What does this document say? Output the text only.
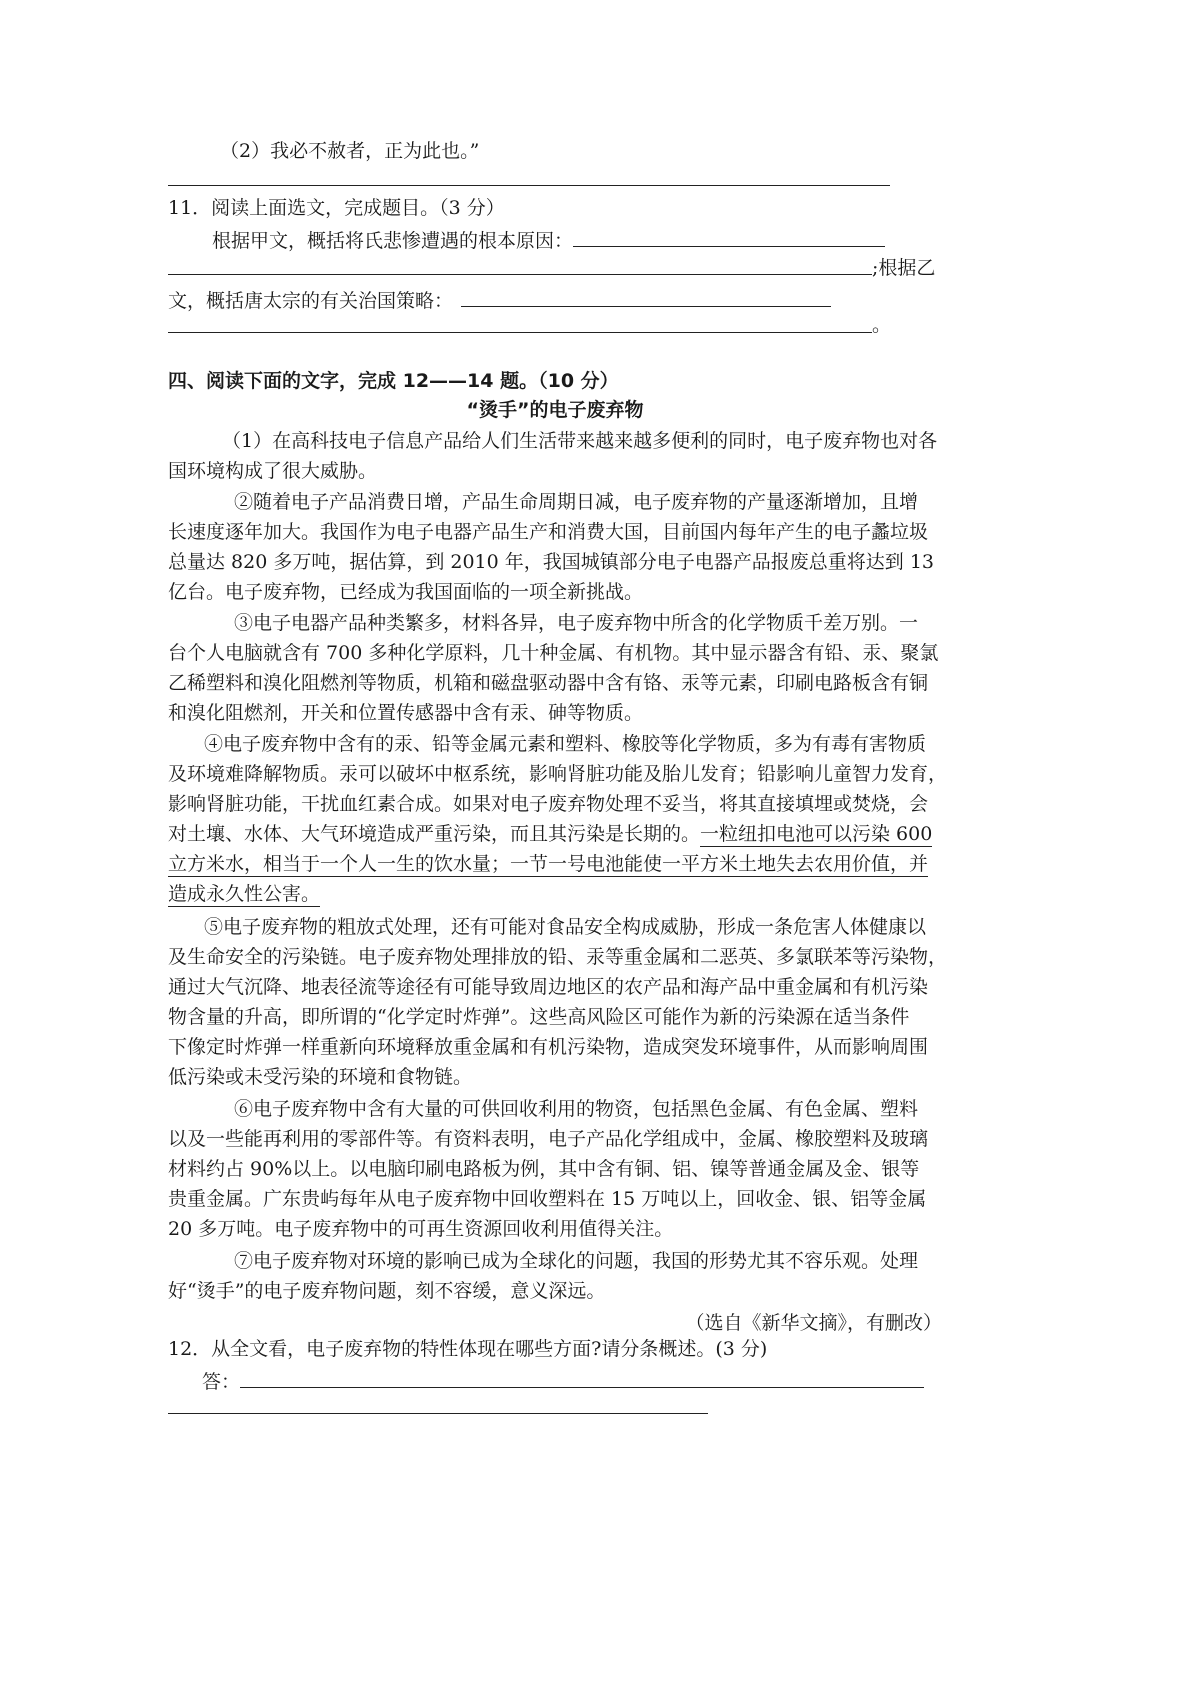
（2）我必不赦者，正为此也。”
11．阅读上面选文，完成题目。（3 分）
根据甲文，概括将氏悲惨遭遇的根本原因：
;根据乙
文，概括唐太宗的有关治国策略：
。
四、阅读下面的文字，完成 12——14 题。（10 分）
“烫手”的电子废弃物
（1）在高科技电子信息产品给人们生活带来越来越多便利的同时，电子废弃物也对各
国环境构成了很大威胁。
②随着电子产品消费日增，产品生命周期日减，电子废弃物的产量逐渐增加，且增
长速度逐年加大。我国作为电子电器产品生产和消费大国，目前国内每年产生的电子蠡垃圾
总量达 820 多万吨，据估算，到 2010 年，我国城镇部分电子电器产品报废总重将达到 13
亿台。电子废弃物，已经成为我国面临的一项全新挑战。
③电子电器产品种类繁多，材料各异，电子废弃物中所含的化学物质千差万别。一
台个人电脑就含有 700 多种化学原料，几十种金属、有机物。其中显示器含有铅、汞、聚氯
乙稀塑料和溴化阻燃剂等物质，机箱和磁盘驱动器中含有铬、汞等元素，印刷电路板含有铜
和溴化阻燃剂，开关和位置传感器中含有汞、砷等物质。
④电子废弃物中含有的汞、铅等金属元素和塑料、橡胶等化学物质，多为有毒有害物质
及环境难降解物质。汞可以破坏中枢系统，影响肾脏功能及胎儿发育；铅影响儿童智力发育，
影响肾脏功能，干扰血红素合成。如果对电子废弃物处理不妥当，将其直接填埋或焚烧，会
对土壤、水体、大气环境造成严重污染，而且其污染是长期的。一粒纽扣电池可以污染 600
立方米水，相当于一个人一生的饮水量；一节一号电池能使一平方米土地失去农用价值，并
造成永久性公害。
⑤电子废弃物的粗放式处理，还有可能对食品安全构成威胁，形成一条危害人体健康以
及生命安全的污染链。电子废弃物处理排放的铅、汞等重金属和二恶英、多氯联苯等污染物，
通过大气沉降、地表径流等途径有可能导致周边地区的农产品和海产品中重金属和有机污染
物含量的升高，即所谓的“化学定时炸弹”。这些高风险区可能作为新的污染源在适当条件
下像定时炸弹一样重新向环境释放重金属和有机污染物，造成突发环境事件，从而影响周围
低污染或未受污染的环境和食物链。
⑥电子废弃物中含有大量的可供回收利用的物资，包括黑色金属、有色金属、塑料
以及一些能再利用的零部件等。有资料表明，电子产品化学组成中，金属、橡胶塑料及玻璃
材料约占 90%以上。以电脑印刷电路板为例，其中含有铜、铝、镍等普通金属及金、银等
贵重金属。广东贵屿每年从电子废弃物中回收塑料在 15 万吨以上，回收金、银、铝等金属
20 多万吨。电子废弃物中的可再生资源回收利用值得关注。
⑦电子废弃物对环境的影响已成为全球化的问题，我国的形势尤其不容乐观。处理
好“烫手”的电子废弃物问题，刻不容缓，意义深远。
（选自《新华文摘》，有删改）
12．从全文看，电子废弃物的特性体现在哪些方面?请分条概述。(3 分)
答：
